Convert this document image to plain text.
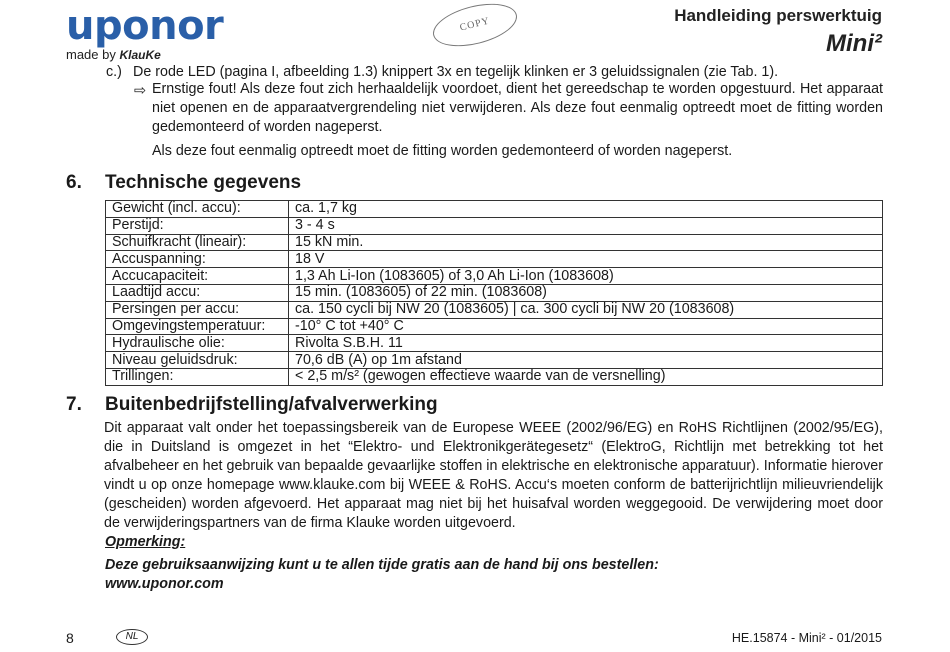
uponor
made by KlauKe
COPY	Handleiding perswerktuig
Mini²
c.) De rode LED (pagina I, afbeelding 1.3) knippert 3x en tegelijk klinken er 3 geluidssignalen (zie Tab. 1).
⇨ Ernstige fout! Als deze fout zich herhaaldelijk voordoet, dient het gereedschap te worden opgestuurd. Het apparaat niet openen en de apparaatvergrendeling niet verwijderen. Als deze fout eenmalig optreedt moet de fitting worden gedemonteerd of worden nageperst.
Als deze fout eenmalig optreedt moet de fitting worden gedemonteerd of worden nageperst.
6. Technische gegevens
Gewicht (incl. accu):	ca. 1,7 kg
Perstijd:	3 - 4 s
Schuifkracht (lineair):	15 kN min.
Accuspanning:	18 V
Accucapaciteit:	1,3 Ah Li-Ion (1083605) of 3,0 Ah Li-Ion (1083608)
Laadtijd accu:	15 min. (1083605) of 22 min. (1083608)
Persingen per accu:	ca. 150 cycli bij NW 20 (1083605) | ca. 300 cycli bij NW 20 (1083608)
Omgevingstemperatuur:	-10° C tot +40° C
Hydraulische olie:	Rivolta S.B.H. 11
Niveau geluidsdruk:	70,6 dB (A) op 1m afstand
Trillingen:	< 2,5 m/s² (gewogen effectieve waarde van de versnelling)
7. Buitenbedrijfstelling/afvalverwerking
Dit apparaat valt onder het toepassingsbereik van de Europese WEEE (2002/96/EG) en RoHS Richtlijnen (2002/95/EG), die in Duitsland is omgezet in het “Elektro- und Elektronikgerätegesetz“ (ElektroG, Richtlijn met betrekking tot het afvalbeheer en het gebruik van bepaalde gevaarlijke stoffen in elektrische en elektronische apparatuur). Informatie hierover vindt u op onze homepage www.klauke.com bij WEEE & RoHS. Accu‘s moeten conform de batterijrichtlijn milieuvriendelijk (gescheiden) worden afgevoerd. Het apparaat mag niet bij het huisafval worden weggegooid. De verwijdering moet door de verwijderingspartners van de firma Klauke worden uitgevoerd.
Opmerking:
Deze gebruiksaanwijzing kunt u te allen tijde gratis aan de hand bij ons bestellen:
www.uponor.com
8	NL	HE.15874 - Mini² - 01/2015
